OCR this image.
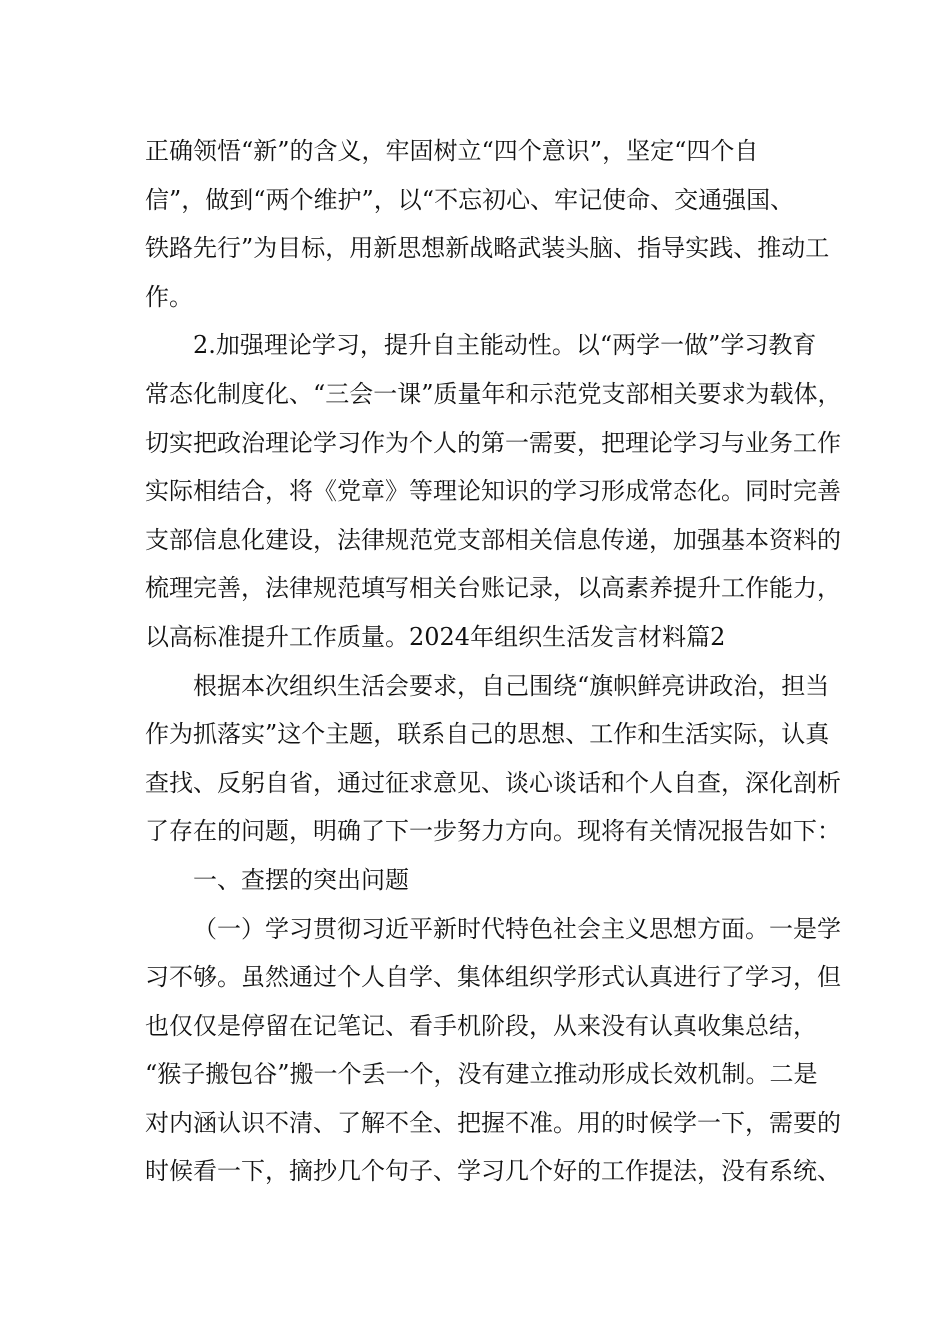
正确领悟“新”的含义，牢固树立“四个意识”，坚定“四个自
信”，做到“两个维护”，以“不忘初心、牢记使命、交通强国、
铁路先行”为目标，用新思想新战略武装头脑、指导实践、推动工
作。
2.加强理论学习，提升自主能动性。以“两学一做”学习教育
常态化制度化、“三会一课”质量年和示范党支部相关要求为载体，
切实把政治理论学习作为个人的第一需要，把理论学习与业务工作
实际相结合，将《党章》等理论知识的学习形成常态化。同时完善
支部信息化建设，法律规范党支部相关信息传递，加强基本资料的
梳理完善，法律规范填写相关台账记录，以高素养提升工作能力，
以高标准提升工作质量。2024年组织生活发言材料篇2
根据本次组织生活会要求，自己围绕“旗帜鲜亮讲政治，担当
作为抓落实”这个主题，联系自己的思想、工作和生活实际，认真
查找、反躬自省，通过征求意见、谈心谈话和个人自查，深化剖析
了存在的问题，明确了下一步努力方向。现将有关情况报告如下：
一、查摆的突出问题
（一）学习贯彻习近平新时代特色社会主义思想方面。一是学
习不够。虽然通过个人自学、集体组织学形式认真进行了学习，但
也仅仅是停留在记笔记、看手机阶段，从来没有认真收集总结，
“猴子搬包谷”搬一个丢一个，没有建立推动形成长效机制。二是
对内涵认识不清、了解不全、把握不准。用的时候学一下，需要的
时候看一下，摘抄几个句子、学习几个好的工作提法，没有系统、
